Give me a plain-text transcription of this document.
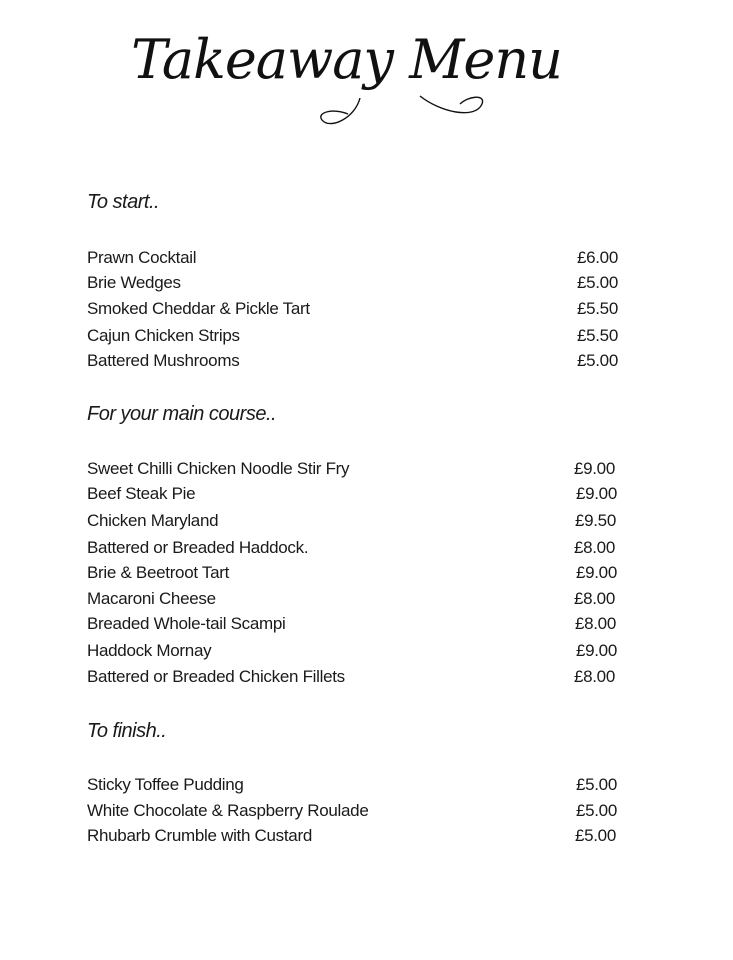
Takeaway Menu
To start..
Prawn Cocktail	£6.00
Brie Wedges	£5.00
Smoked Cheddar & Pickle Tart	£5.50
Cajun Chicken Strips	£5.50
Battered Mushrooms	£5.00
For your main course..
Sweet Chilli Chicken Noodle Stir Fry	£9.00
Beef Steak Pie	£9.00
Chicken Maryland	£9.50
Battered or Breaded Haddock.	£8.00
Brie & Beetroot Tart	£9.00
Macaroni Cheese	£8.00
Breaded Whole-tail Scampi	£8.00
Haddock Mornay	£9.00
Battered or Breaded Chicken Fillets	£8.00
To finish..
Sticky Toffee Pudding	£5.00
White Chocolate & Raspberry Roulade	£5.00
Rhubarb Crumble with Custard	£5.00
